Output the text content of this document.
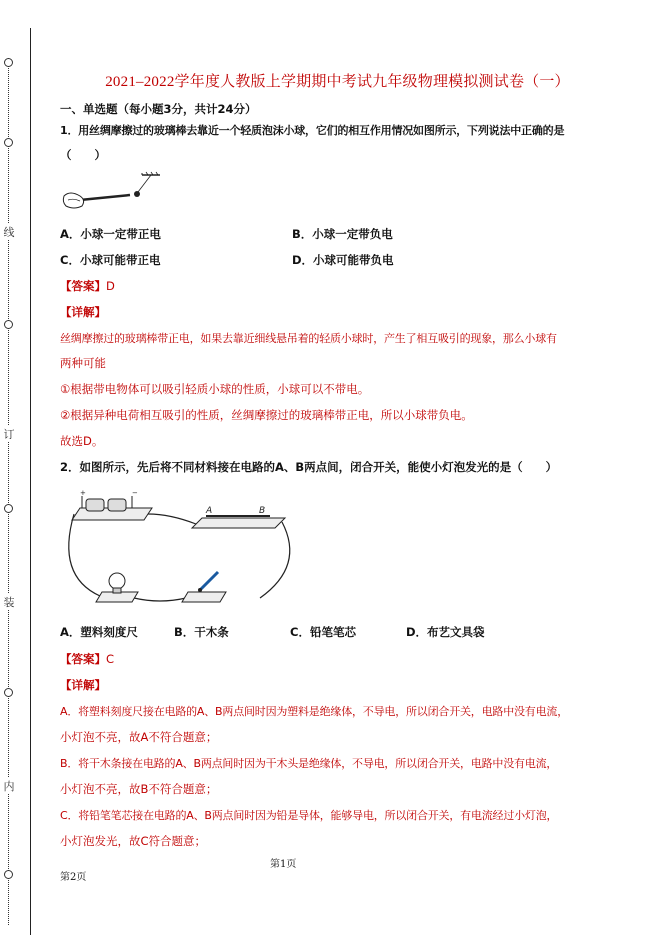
线
订
装
内
2021–2022学年度人教版上学期期中考试九年级物理模拟测试卷（一）
一、单选题（每小题3分，共计24分）
1．用丝绸摩擦过的玻璃棒去靠近一个轻质泡沫小球，它们的相互作用情况如图所示，下列说法中正确的是
（　　）
A．小球一定带正电	B．小球一定带负电
C．小球可能带正电	D．小球可能带负电
【答案】D
【详解】
丝绸摩擦过的玻璃棒带正电，如果去靠近细线悬吊着的轻质小球时，产生了相互吸引的现象，那么小球有
两种可能
①根据带电物体可以吸引轻质小球的性质，小球可以不带电。
②根据异种电荷相互吸引的性质，丝绸摩擦过的玻璃棒带正电，所以小球带负电。
故选D。
2．如图所示，先后将不同材料接在电路的A、B两点间，闭合开关，能使小灯泡发光的是（　　）
+	−
A	B
A．塑料刻度尺	B．干木条	C．铅笔笔芯	D．布艺文具袋
【答案】C
【详解】
A．将塑料刻度尺接在电路的A、B两点间时因为塑料是绝缘体，不导电，所以闭合开关，电路中没有电流，
小灯泡不亮，故A不符合题意；
B．将干木条接在电路的A、B两点间时因为干木头是绝缘体，不导电，所以闭合开关，电路中没有电流，
小灯泡不亮，故B不符合题意；
C．将铅笔笔芯接在电路的A、B两点间时因为铅是导体，能够导电，所以闭合开关，有电流经过小灯泡，
小灯泡发光，故C符合题意；
第1页
第2页
